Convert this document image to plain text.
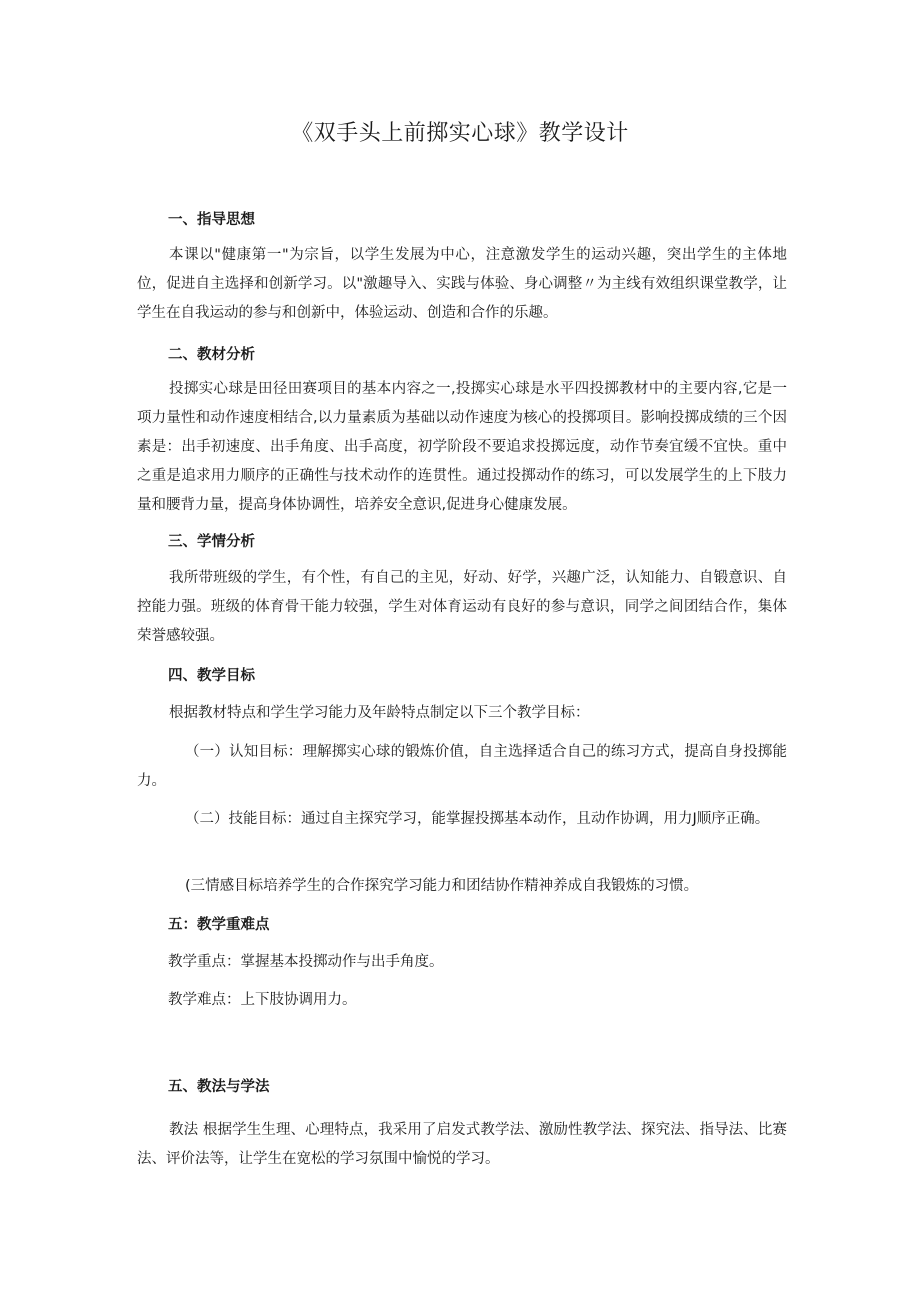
《双手头上前掷实心球》教学设计

一、指导思想

本课以"健康第一"为宗旨，以学生发展为中心，注意激发学生的运动兴趣，突出学生的主体地位，促进自主选择和创新学习。以"激趣导入、实践与体验、身心调整〃为主线有效组织课堂教学，让学生在自我运动的参与和创新中，体验运动、创造和合作的乐趣。

二、教材分析

投掷实心球是田径田赛项目的基本内容之一,投掷实心球是水平四投掷教材中的主要内容,它是一项力量性和动作速度相结合,以力量素质为基础以动作速度为核心的投掷项目。影响投掷成绩的三个因素是：出手初速度、出手角度、出手高度，初学阶段不要追求投掷远度，动作节奏宜缓不宜快。重中之重是追求用力顺序的正确性与技术动作的连贯性。通过投掷动作的练习，可以发展学生的上下肢力量和腰背力量，提高身体协调性，培养安全意识,促进身心健康发展。

三、学情分析

我所带班级的学生，有个性，有自己的主见，好动、好学，兴趣广泛，认知能力、自锻意识、自控能力强。班级的体育骨干能力较强，学生对体育运动有良好的参与意识，同学之间团结合作，集体荣誉感较强。

四、教学目标

根据教材特点和学生学习能力及年龄特点制定以下三个教学目标：

（一）认知目标：理解掷实心球的锻炼价值，自主选择适合自己的练习方式，提高自身投掷能力。

（二）技能目标：通过自主探究学习，能掌握投掷基本动作，且动作协调，用力J顺序正确。

(三情感目标培养学生的合作探究学习能力和团结协作精神养成自我锻炼的习惯。

五：教学重难点

教学重点：掌握基本投掷动作与出手角度。

教学难点：上下肢协调用力。

五、教法与学法

教法 根据学生生理、心理特点，我采用了启发式教学法、激励性教学法、探究法、指导法、比赛法、评价法等，让学生在宽松的学习氛围中愉悦的学习。
